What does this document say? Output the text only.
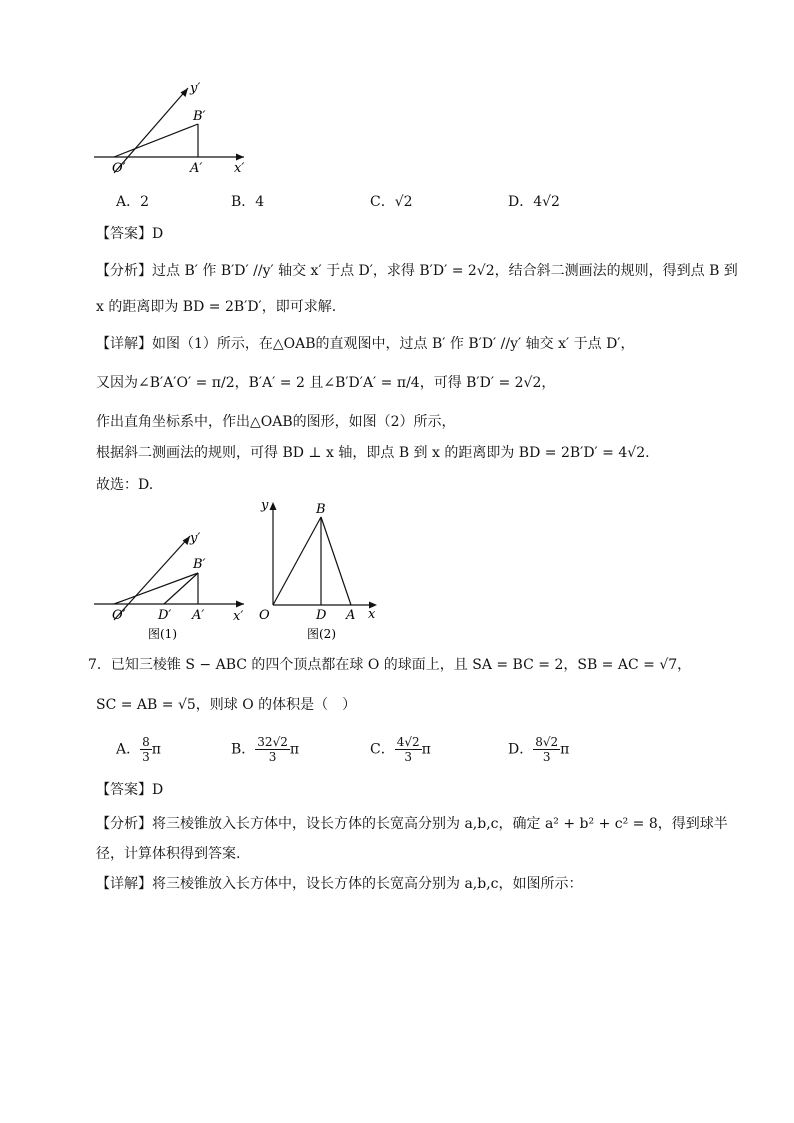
y′
B′
O′	A′ x′
A．2	B．4	C．√2	D．4√2
【答案】D
【分析】过点 B′ 作 B′D′ //y′ 轴交 x′ 于点 D′，求得 B′D′ = 2√2，结合斜二测画法的规则，得到点 B 到
x 的距离即为 BD = 2B′D′，即可求解.
【详解】如图（1）所示，在△OAB的直观图中，过点 B′ 作 B′D′ //y′ 轴交 x′ 于点 D′，
又因为∠B′A′O′ = π/2，B′A′ = 2 且∠B′D′A′ = π/4，可得 B′D′ = 2√2，
作出直角坐标系中，作出△OAB的图形，如图（2）所示，
根据斜二测画法的规则，可得 BD ⊥ x 轴，即点 B 到 x 的距离即为 BD = 2B′D′ = 4√2.
故选：D.
y′
B′
O′ D′ A′ x′
图(1)
y	B
O	D A x
图(2)
7．已知三棱锥 S − ABC 的四个顶点都在球 O 的球面上，且 SA = BC = 2，SB = AC = √7，
SC = AB = √5，则球 O 的体积是（　）
A． $\frac{8}{3}$ π	B． $\frac{32√2}{3}$ π	C． $\frac{4√2}{3}$ π	D． $\frac{8√2}{3}$ π
【答案】D
【分析】将三棱锥放入长方体中，设长方体的长宽高分别为 a,b,c，确定 a² + b² + c² = 8，得到球半
径，计算体积得到答案.
【详解】将三棱锥放入长方体中，设长方体的长宽高分别为 a,b,c，如图所示：
